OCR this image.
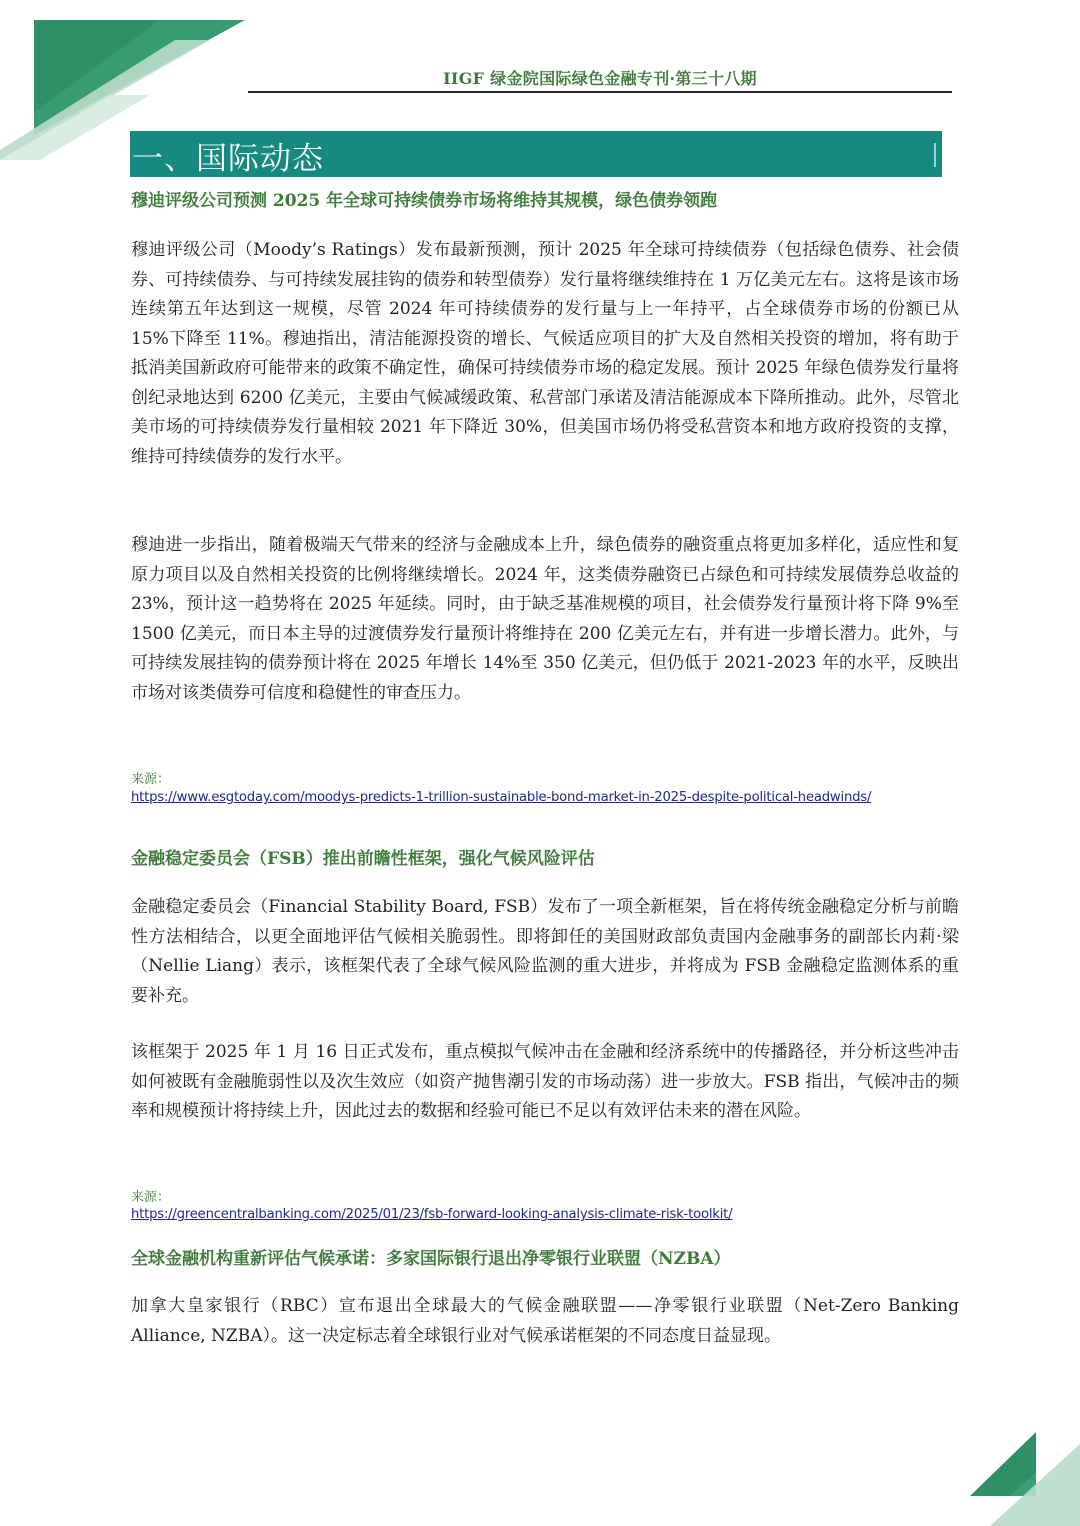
IIGF 绿金院国际绿色金融专刊·第三十八期
一、国际动态
穆迪评级公司预测 2025 年全球可持续债券市场将维持其规模，绿色债券领跑
穆迪评级公司（Moody’s Ratings）发布最新预测，预计 2025 年全球可持续债券（包括绿色债券、社会债券、可持续债券、与可持续发展挂钩的债券和转型债券）发行量将继续维持在 1 万亿美元左右。这将是该市场连续第五年达到这一规模，尽管 2024 年可持续债券的发行量与上一年持平，占全球债券市场的份额已从 15%下降至 11%。穆迪指出，清洁能源投资的增长、气候适应项目的扩大及自然相关投资的增加，将有助于抵消美国新政府可能带来的政策不确定性，确保可持续债券市场的稳定发展。预计 2025 年绿色债券发行量将创纪录地达到 6200 亿美元，主要由气候减缓政策、私营部门承诺及清洁能源成本下降所推动。此外，尽管北美市场的可持续债券发行量相较 2021 年下降近 30%，但美国市场仍将受私营资本和地方政府投资的支撑，维持可持续债券的发行水平。
穆迪进一步指出，随着极端天气带来的经济与金融成本上升，绿色债券的融资重点将更加多样化，适应性和复原力项目以及自然相关投资的比例将继续增长。2024 年，这类债券融资已占绿色和可持续发展债券总收益的 23%，预计这一趋势将在 2025 年延续。同时，由于缺乏基准规模的项目，社会债券发行量预计将下降 9%至 1500 亿美元，而日本主导的过渡债券发行量预计将维持在 200 亿美元左右，并有进一步增长潜力。此外，与可持续发展挂钩的债券预计将在 2025 年增长 14%至 350 亿美元，但仍低于 2021-2023 年的水平，反映出市场对该类债券可信度和稳健性的审查压力。
来源：
https://www.esgtoday.com/moodys-predicts-1-trillion-sustainable-bond-market-in-2025-despite-political-headwinds/
金融稳定委员会（FSB）推出前瞻性框架，强化气候风险评估
金融稳定委员会（Financial Stability Board, FSB）发布了一项全新框架，旨在将传统金融稳定分析与前瞻性方法相结合，以更全面地评估气候相关脆弱性。即将卸任的美国财政部负责国内金融事务的副部长内莉·梁（Nellie Liang）表示，该框架代表了全球气候风险监测的重大进步，并将成为 FSB 金融稳定监测体系的重要补充。
该框架于 2025 年 1 月 16 日正式发布，重点模拟气候冲击在金融和经济系统中的传播路径，并分析这些冲击如何被既有金融脆弱性以及次生效应（如资产抛售潮引发的市场动荡）进一步放大。FSB 指出，气候冲击的频率和规模预计将持续上升，因此过去的数据和经验可能已不足以有效评估未来的潜在风险。
来源：
https://greencentralbanking.com/2025/01/23/fsb-forward-looking-analysis-climate-risk-toolkit/
全球金融机构重新评估气候承诺：多家国际银行退出净零银行业联盟（NZBA）
加拿大皇家银行（RBC）宣布退出全球最大的气候金融联盟——净零银行业联盟（Net-Zero Banking Alliance, NZBA）。这一决定标志着全球银行业对气候承诺框架的不同态度日益显现。
